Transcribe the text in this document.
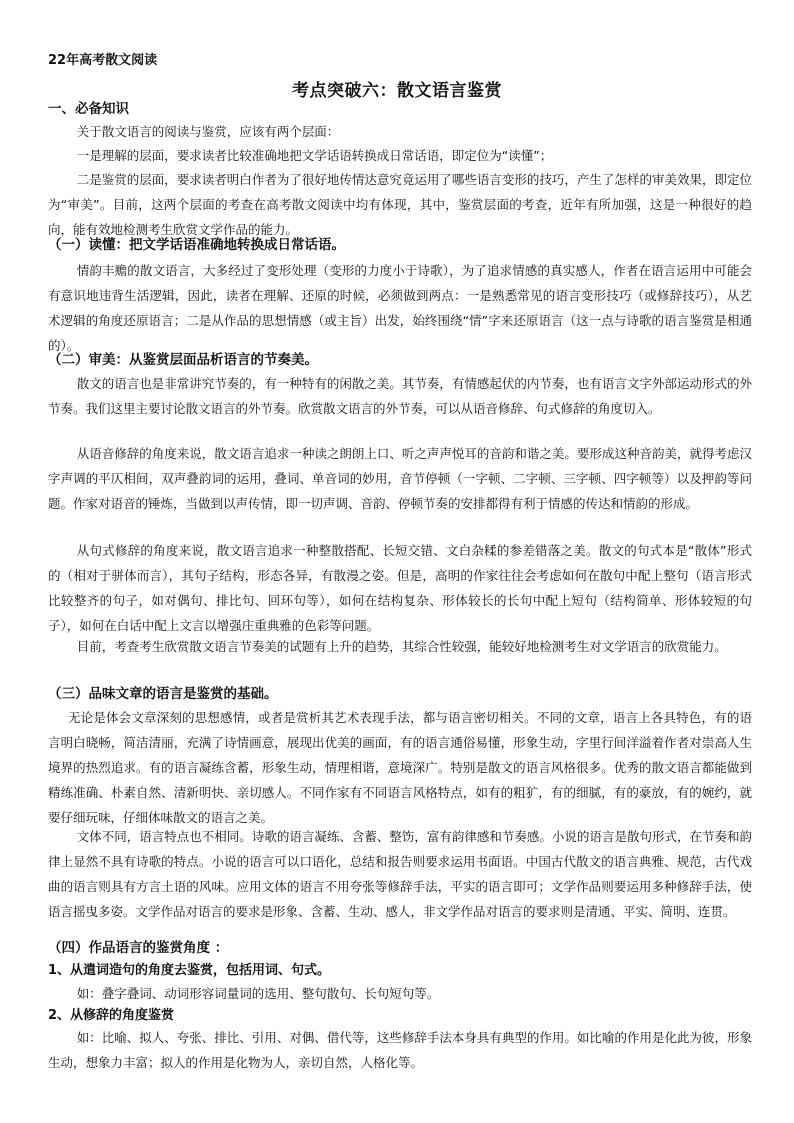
22年高考散文阅读
考点突破六：散文语言鉴赏
一、必备知识
关于散文语言的阅读与鉴赏，应该有两个层面：
一是理解的层面，要求读者比较准确地把文学话语转换成日常话语，即定位为“读懂”；
二是鉴赏的层面，要求读者明白作者为了很好地传情达意究竟运用了哪些语言变形的技巧，产生了怎样的审美效果，即定位为“审美”。目前，这两个层面的考查在高考散文阅读中均有体现，其中，鉴赏层面的考查，近年有所加强，这是一种很好的趋向，能有效地检测考生欣赏文学作品的能力。
（一）读懂：把文学话语准确地转换成日常话语。
情韵丰赡的散文语言，大多经过了变形处理（变形的力度小于诗歌），为了追求情感的真实感人，作者在语言运用中可能会有意识地违背生活逻辑，因此，读者在理解、还原的时候，必须做到两点：一是熟悉常见的语言变形技巧（或修辞技巧），从艺术逻辑的角度还原语言；二是从作品的思想情感（或主旨）出发，始终围绕“情”字来还原语言（这一点与诗歌的语言鉴赏是相通的）。
（二）审美：从鉴赏层面品析语言的节奏美。
散文的语言也是非常讲究节奏的，有一种特有的闲散之美。其节奏，有情感起伏的内节奏，也有语言文字外部运动形式的外节奏。我们这里主要讨论散文语言的外节奏。欣赏散文语言的外节奏，可以从语音修辞、句式修辞的角度切入。
从语音修辞的角度来说，散文语言追求一种读之朗朗上口、听之声声悦耳的音韵和谐之美。要形成这种音韵美，就得考虑汉字声调的平仄相间，双声叠韵词的运用，叠词、单音词的妙用，音节停顿（一字顿、二字顿、三字顿、四字顿等）以及押韵等问题。作家对语音的锤炼，当做到以声传情，即一切声调、音韵、停顿节奏的安排都得有利于情感的传达和情韵的形成。
从句式修辞的角度来说，散文语言追求一种整散搭配、长短交错、文白杂糅的参差错落之美。散文的句式本是“散体”形式的（相对于骈体而言），其句子结构，形态各异，有散漫之姿。但是，高明的作家往往会考虑如何在散句中配上整句（语言形式比较整齐的句子，如对偶句、排比句、回环句等），如何在结构复杂、形体较长的长句中配上短句（结构简单、形体较短的句子），如何在白话中配上文言以增强庄重典雅的色彩等问题。
目前，考查考生欣赏散文语言节奏美的试题有上升的趋势，其综合性较强，能较好地检测考生对文学语言的欣赏能力。
（三）品味文章的语言是鉴赏的基础。
无论是体会文章深刻的思想感情，或者是赏析其艺术表现手法，都与语言密切相关。不同的文章，语言上各具特色，有的语言明白晓畅，简洁清丽，充满了诗情画意，展现出优美的画面，有的语言通俗易懂，形象生动，字里行间洋溢着作者对崇高人生境界的热烈追求。有的语言凝练含蓄，形象生动，情理相谐，意境深广。特别是散文的语言风格很多。优秀的散文语言都能做到精练准确、朴素自然、清新明快、亲切感人。不同作家有不同语言风格特点，如有的粗犷，有的细腻，有的豪放，有的婉约，就要仔细玩味，仔细体味散文的语言之美。
文体不同，语言特点也不相同。诗歌的语言凝练、含蓄、整饬，富有韵律感和节奏感。小说的语言是散句形式，在节奏和韵律上显然不具有诗歌的特点。小说的语言可以口语化，总结和报告则要求运用书面语。中国古代散文的语言典雅、规范，古代戏曲的语言则具有方言土语的风味。应用文体的语言不用夸张等修辞手法，平实的语言即可；文学作品则要运用多种修辞手法，使语言摇曳多姿。文学作品对语言的要求是形象、含蓄、生动、感人，非文学作品对语言的要求则是清通、平实、简明、连贯。
（四）作品语言的鉴赏角度 ：
1、从遣词造句的角度去鉴赏，包括用词、句式。
如：叠字叠词、动词形容词量词的选用、整句散句、长句短句等。
2、从修辞的角度鉴赏
如：比喻、拟人、夸张、排比、引用、对偶、借代等，这些修辞手法本身具有典型的作用。如比喻的作用是化此为彼，形象生动，想象力丰富；拟人的作用是化物为人，亲切自然，人格化等。
